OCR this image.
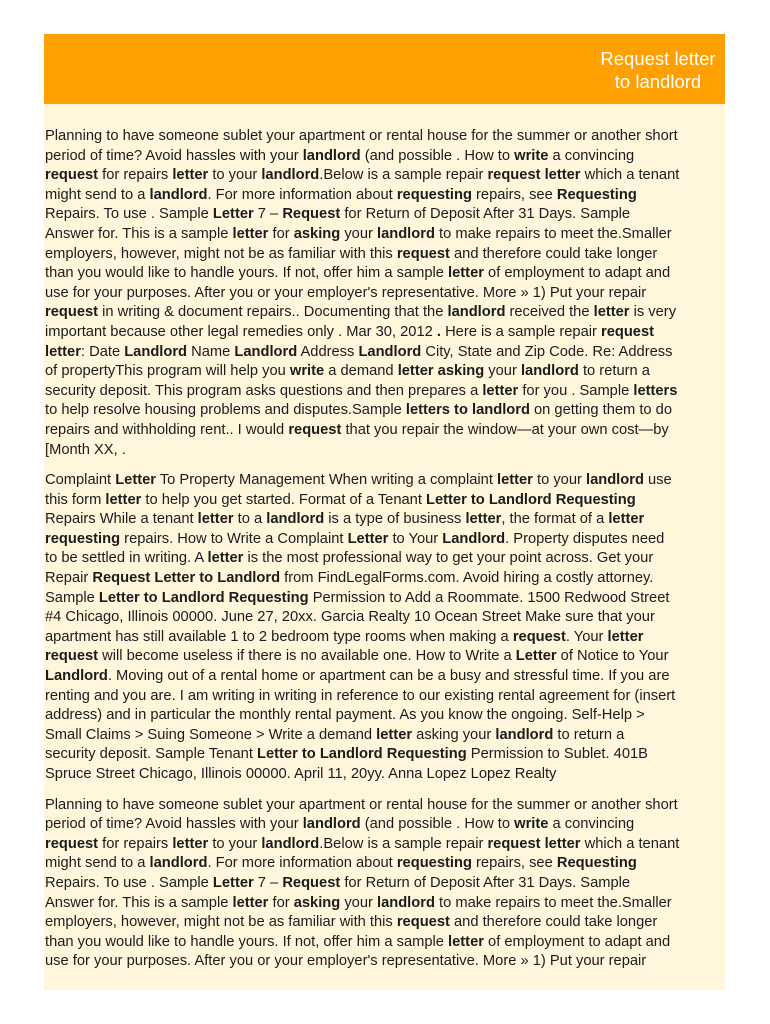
Request letter
to landlord
Planning to have someone sublet your apartment or rental house for the summer or another short
period of time? Avoid hassles with your landlord (and possible . How to write a convincing
request for repairs letter to your landlord.Below is a sample repair request letter which a tenant
might send to a landlord. For more information about requesting repairs, see Requesting
Repairs. To use . Sample Letter 7 – Request for Return of Deposit After 31 Days. Sample
Answer for. This is a sample letter for asking your landlord to make repairs to meet the.Smaller
employers, however, might not be as familiar with this request and therefore could take longer
than you would like to handle yours. If not, offer him a sample letter of employment to adapt and
use for your purposes. After you or your employer's representative. More » 1) Put your repair
request in writing & document repairs.. Documenting that the landlord received the letter is very
important because other legal remedies only . Mar 30, 2012 . Here is a sample repair request
letter: Date Landlord Name Landlord Address Landlord City, State and Zip Code. Re: Address
of propertyThis program will help you write a demand letter asking your landlord to return a
security deposit. This program asks questions and then prepares a letter for you . Sample letters
to help resolve housing problems and disputes.Sample letters to landlord on getting them to do
repairs and withholding rent.. I would request that you repair the window—at your own cost—by
[Month XX, .
Complaint Letter To Property Management When writing a complaint letter to your landlord use
this form letter to help you get started. Format of a Tenant Letter to Landlord Requesting
Repairs While a tenant letter to a landlord is a type of business letter, the format of a letter
requesting repairs. How to Write a Complaint Letter to Your Landlord. Property disputes need
to be settled in writing. A letter is the most professional way to get your point across. Get your
Repair Request Letter to Landlord from FindLegalForms.com. Avoid hiring a costly attorney.
Sample Letter to Landlord Requesting Permission to Add a Roommate. 1500 Redwood Street
#4 Chicago, Illinois 00000. June 27, 20xx. Garcia Realty 10 Ocean Street Make sure that your
apartment has still available 1 to 2 bedroom type rooms when making a request. Your letter
request will become useless if there is no available one. How to Write a Letter of Notice to Your
Landlord. Moving out of a rental home or apartment can be a busy and stressful time. If you are
renting and you are. I am writing in writing in reference to our existing rental agreement for (insert
address) and in particular the monthly rental payment. As you know the ongoing. Self-Help >
Small Claims > Suing Someone > Write a demand letter asking your landlord to return a
security deposit. Sample Tenant Letter to Landlord Requesting Permission to Sublet. 401B
Spruce Street Chicago, Illinois 00000. April 11, 20yy. Anna Lopez Lopez Realty
Planning to have someone sublet your apartment or rental house for the summer or another short
period of time? Avoid hassles with your landlord (and possible . How to write a convincing
request for repairs letter to your landlord.Below is a sample repair request letter which a tenant
might send to a landlord. For more information about requesting repairs, see Requesting
Repairs. To use . Sample Letter 7 – Request for Return of Deposit After 31 Days. Sample
Answer for. This is a sample letter for asking your landlord to make repairs to meet the.Smaller
employers, however, might not be as familiar with this request and therefore could take longer
than you would like to handle yours. If not, offer him a sample letter of employment to adapt and
use for your purposes. After you or your employer's representative. More » 1) Put your repair
